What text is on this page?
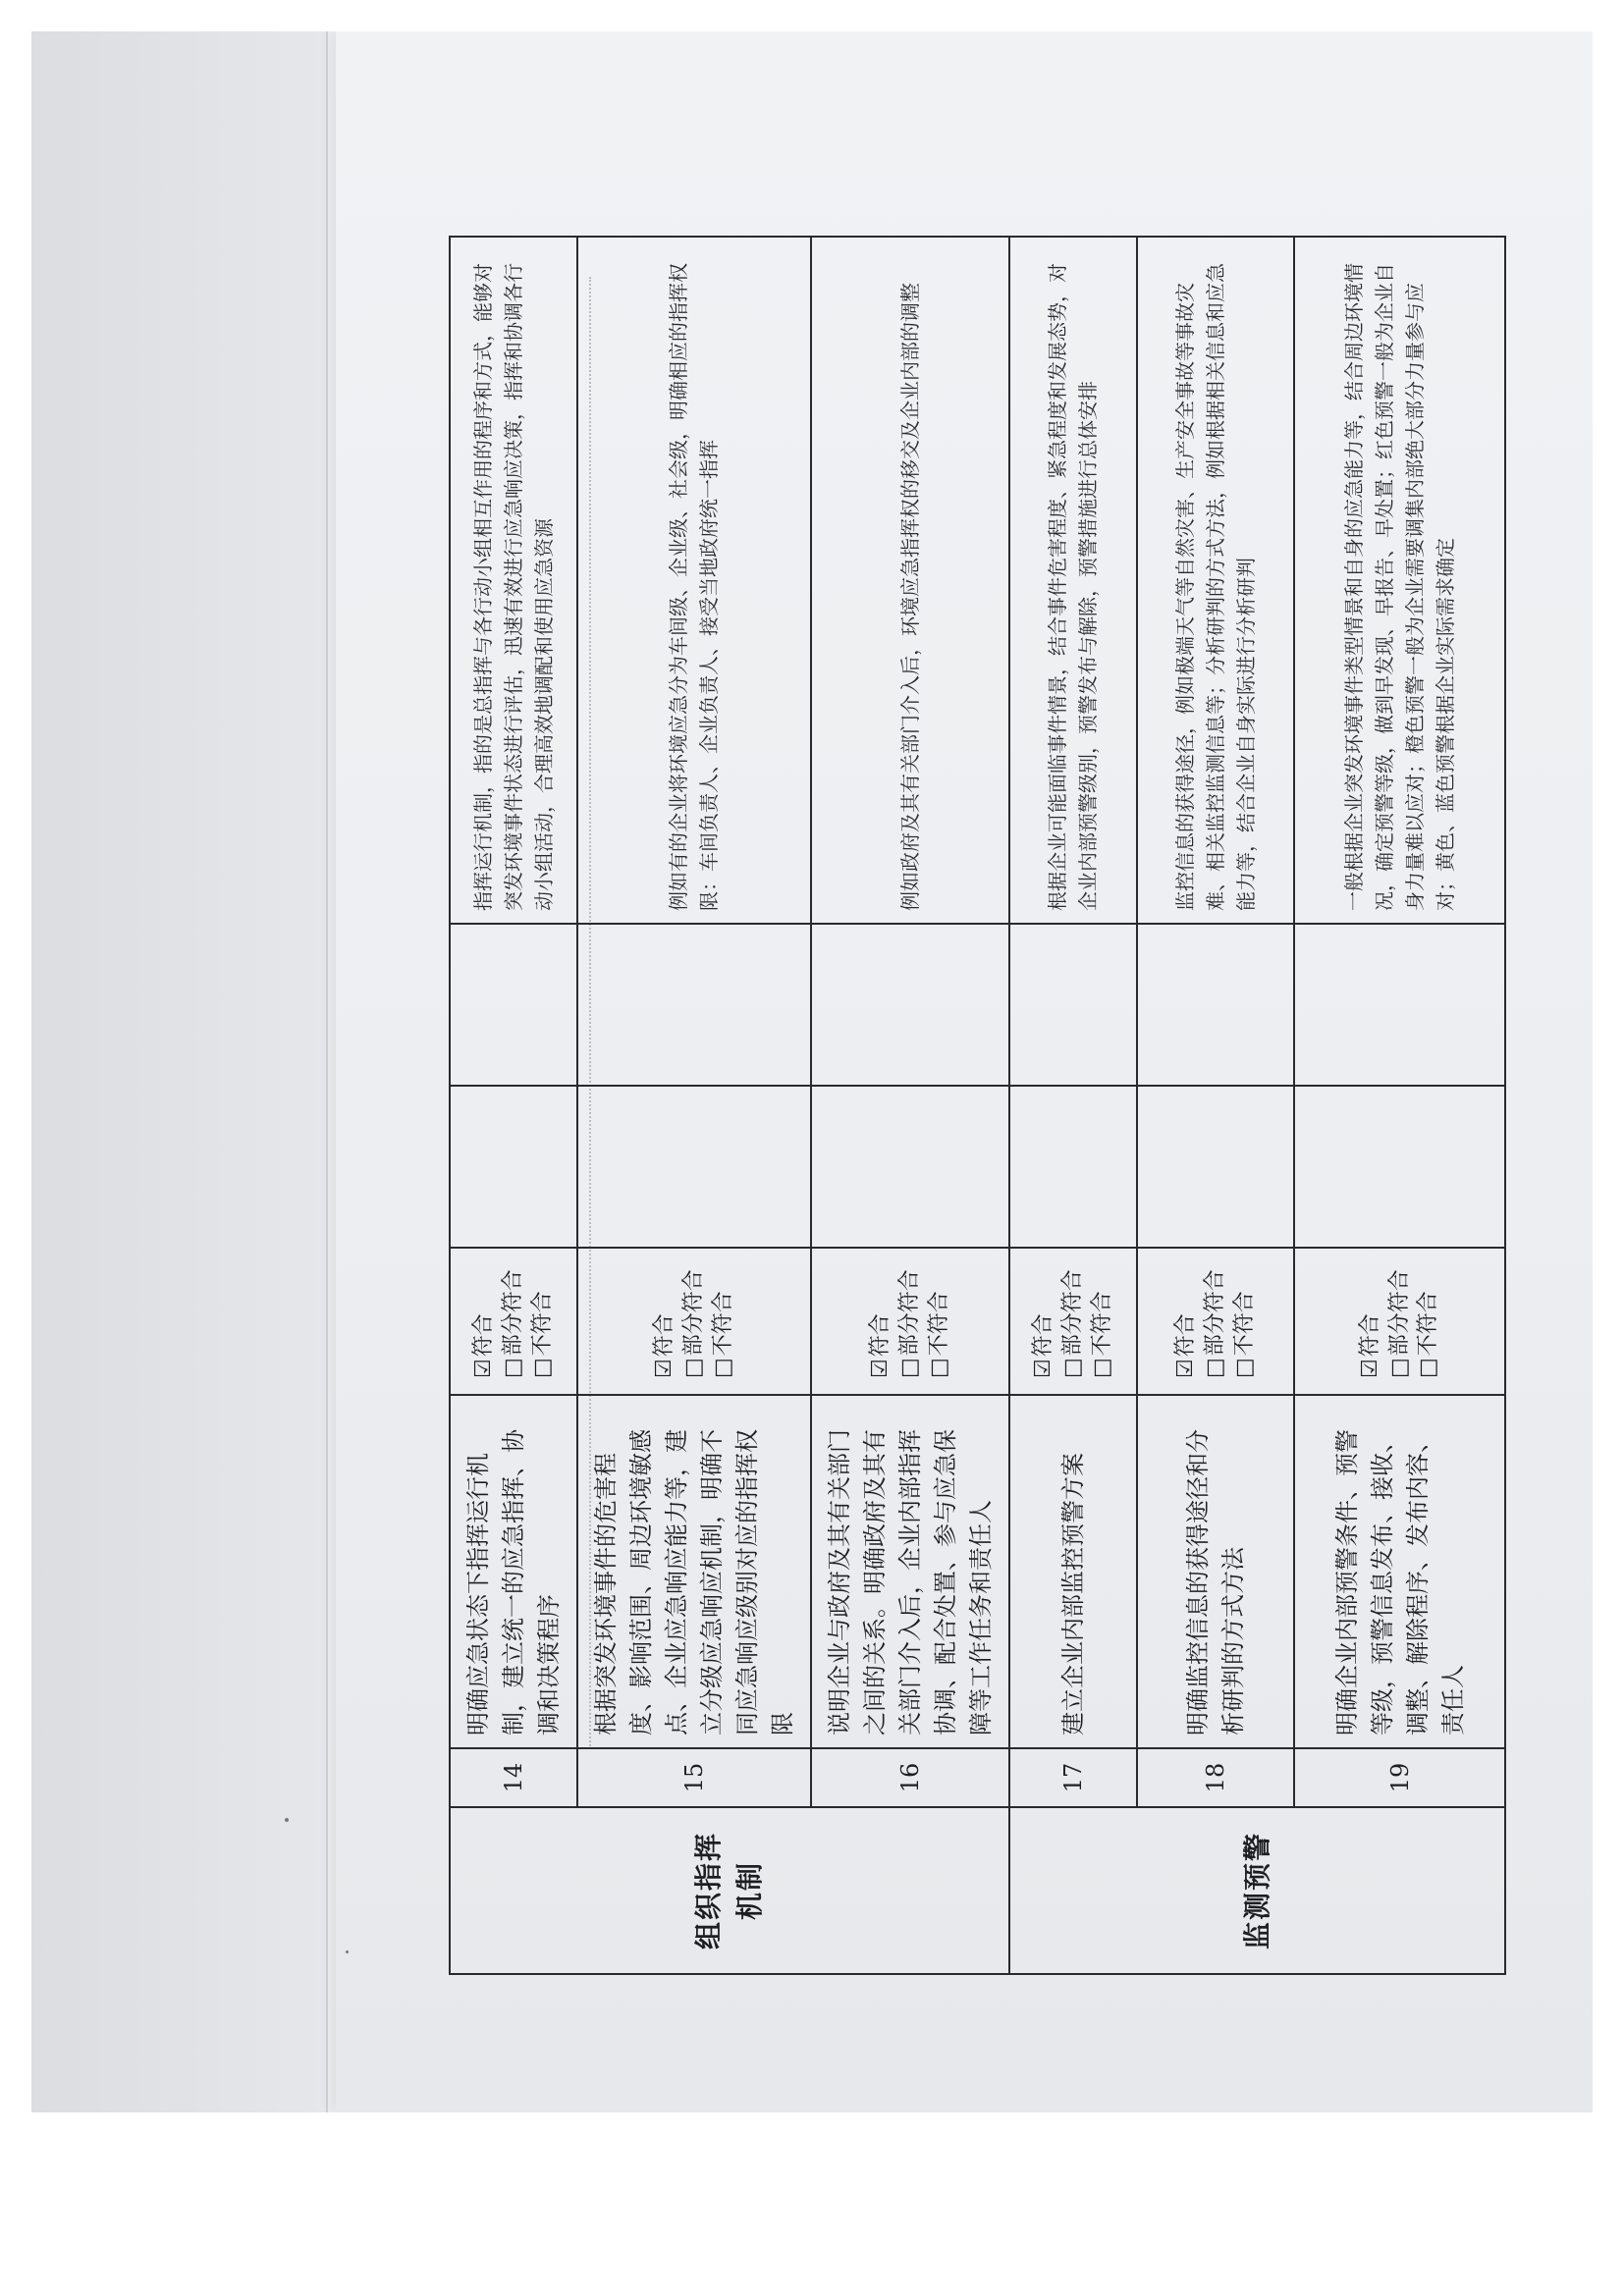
组织指挥机制	14	明确应急状态下指挥运行机制，建立统一的应急指挥、协调和决策程序	☑符合
□部分符合
□不符合			指挥运行机制，指的是总指挥与各行动小组相互作用的程序和方式，能够对突发环境事件状态进行评估，迅速有效进行应急响应决策，指挥和协调各行动小组活动，合理高效地调配和使用应急资源
	15	根据突发环境事件的危害程度、影响范围、周边环境敏感点、企业应急响应能力等，建立分级应急响应机制，明确不同应急响应级别对应的指挥权限	☑符合
□部分符合
□不符合			例如有的企业将环境应急分为车间级、企业级、社会级，明确相应的指挥权限：车间负责人、企业负责人、接受当地政府统一指挥
	16	说明企业与政府及其有关部门之间的关系。明确政府及其有关部门介入后，企业内部指挥协调、配合处置、参与应急保障等工作任务和责任人	☑符合
□部分符合
□不符合			例如政府及其有关部门介入后，环境应急指挥权的移交及企业内部的调整
监测预警	17	建立企业内部监控预警方案	☑符合
□部分符合
□不符合			根据企业可能面临事件情景，结合事件危害程度、紧急程度和发展态势，对企业内部预警级别，预警发布与解除，预警措施进行总体安排
	18	明确监控信息的获得途径和分析研判的方式方法	☑符合
□部分符合
□不符合			监控信息的获得途径，例如极端天气等自然灾害、生产安全事故等事故灾难、相关监控监测信息等；分析研判的方式方法，例如根据相关信息和应急能力等，结合企业自身实际进行分析研判
	19	明确企业内部预警条件、预警等级，预警信息发布、接收、调整、解除程序、发布内容、责任人	☑符合
□部分符合
□不符合			一般根据企业突发环境事件类型情景和自身的应急能力等，结合周边环境情况，确定预警等级，做到早发现、早报告、早处置；红色预警一般为企业自身力量难以应对；橙色预警一般为企业需要调集内部绝大部分力量参与应对；黄色、蓝色预警根据企业实际需求确定
